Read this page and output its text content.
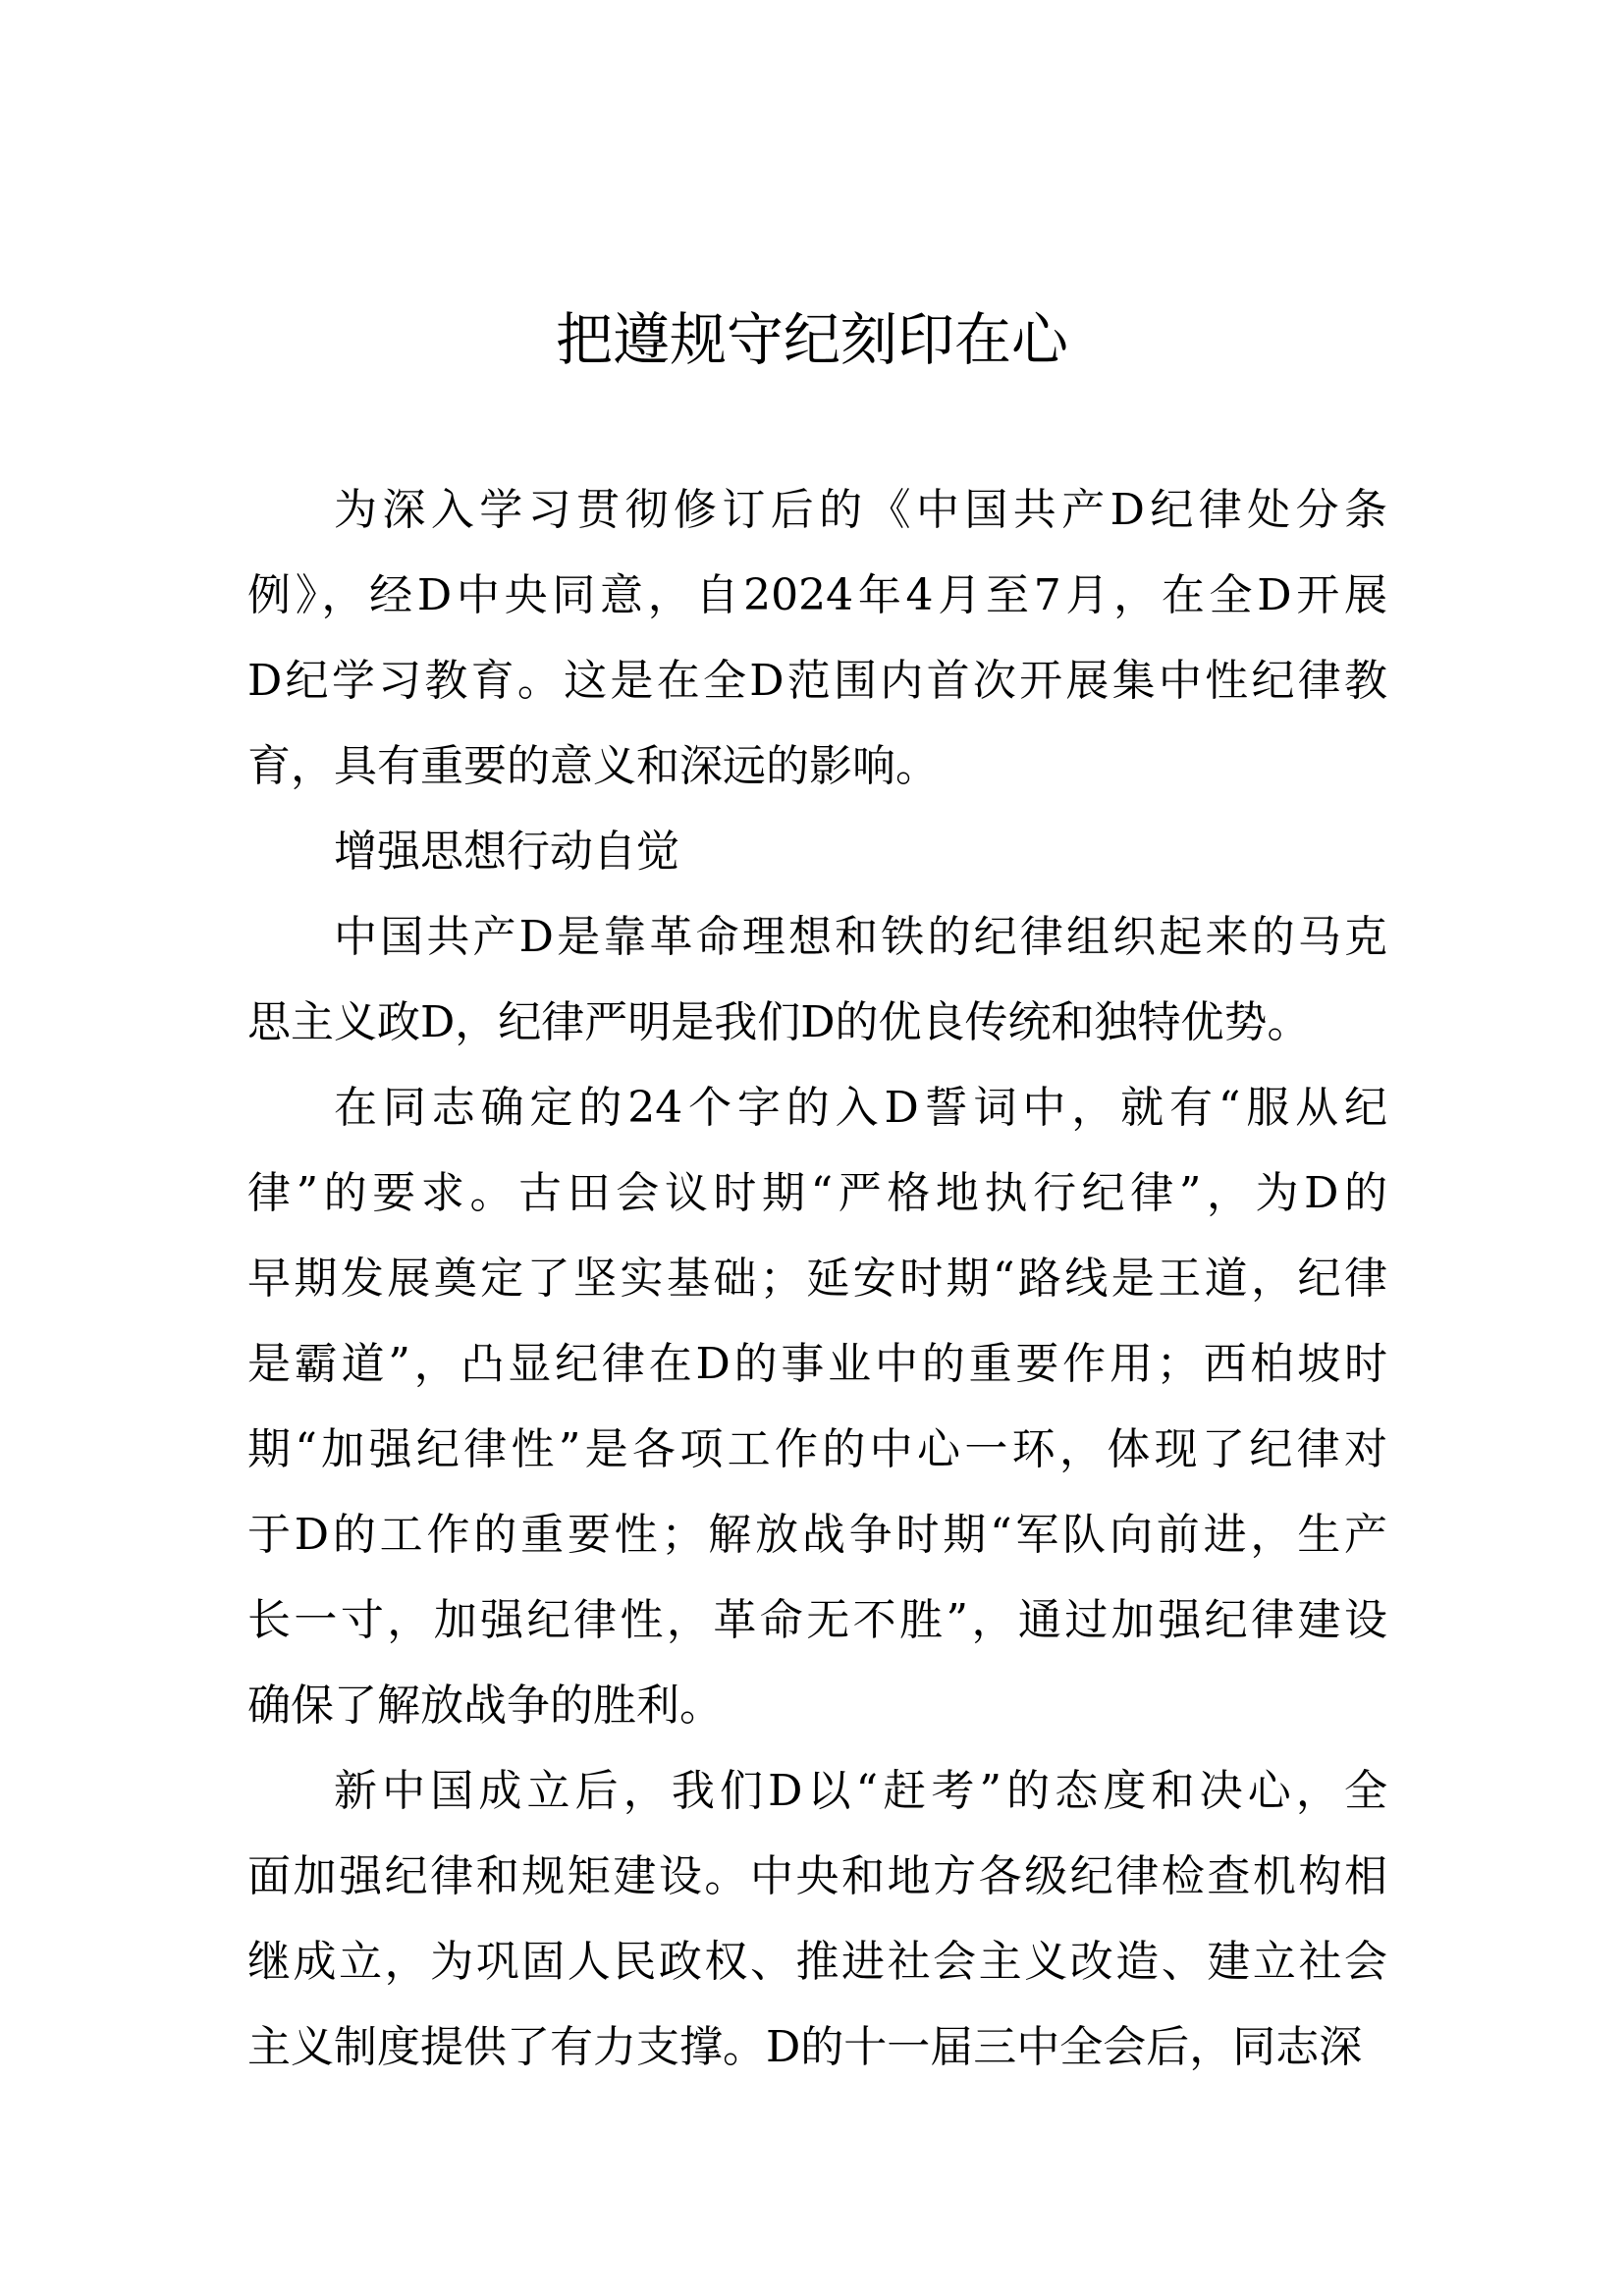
把遵规守纪刻印在心
为深入学习贯彻修订后的《中国共产D纪律处分条
例》，经D中央同意，自2024年4月至7月，在全D开展
D纪学习教育。这是在全D范围内首次开展集中性纪律教
育，具有重要的意义和深远的影响。
增强思想行动自觉
中国共产D是靠革命理想和铁的纪律组织起来的马克
思主义政D，纪律严明是我们D的优良传统和独特优势。
在同志确定的24个字的入D誓词中，就有“服从纪
律”的要求。古田会议时期“严格地执行纪律”，为D的
早期发展奠定了坚实基础；延安时期“路线是王道，纪律
是霸道”，凸显纪律在D的事业中的重要作用；西柏坡时
期“加强纪律性”是各项工作的中心一环，体现了纪律对
于D的工作的重要性；解放战争时期“军队向前进，生产
长一寸，加强纪律性，革命无不胜”，通过加强纪律建设
确保了解放战争的胜利。
新中国成立后，我们D以“赶考”的态度和决心，全
面加强纪律和规矩建设。中央和地方各级纪律检查机构相
继成立，为巩固人民政权、推进社会主义改造、建立社会
主义制度提供了有力支撑。D的十一届三中全会后，同志深
